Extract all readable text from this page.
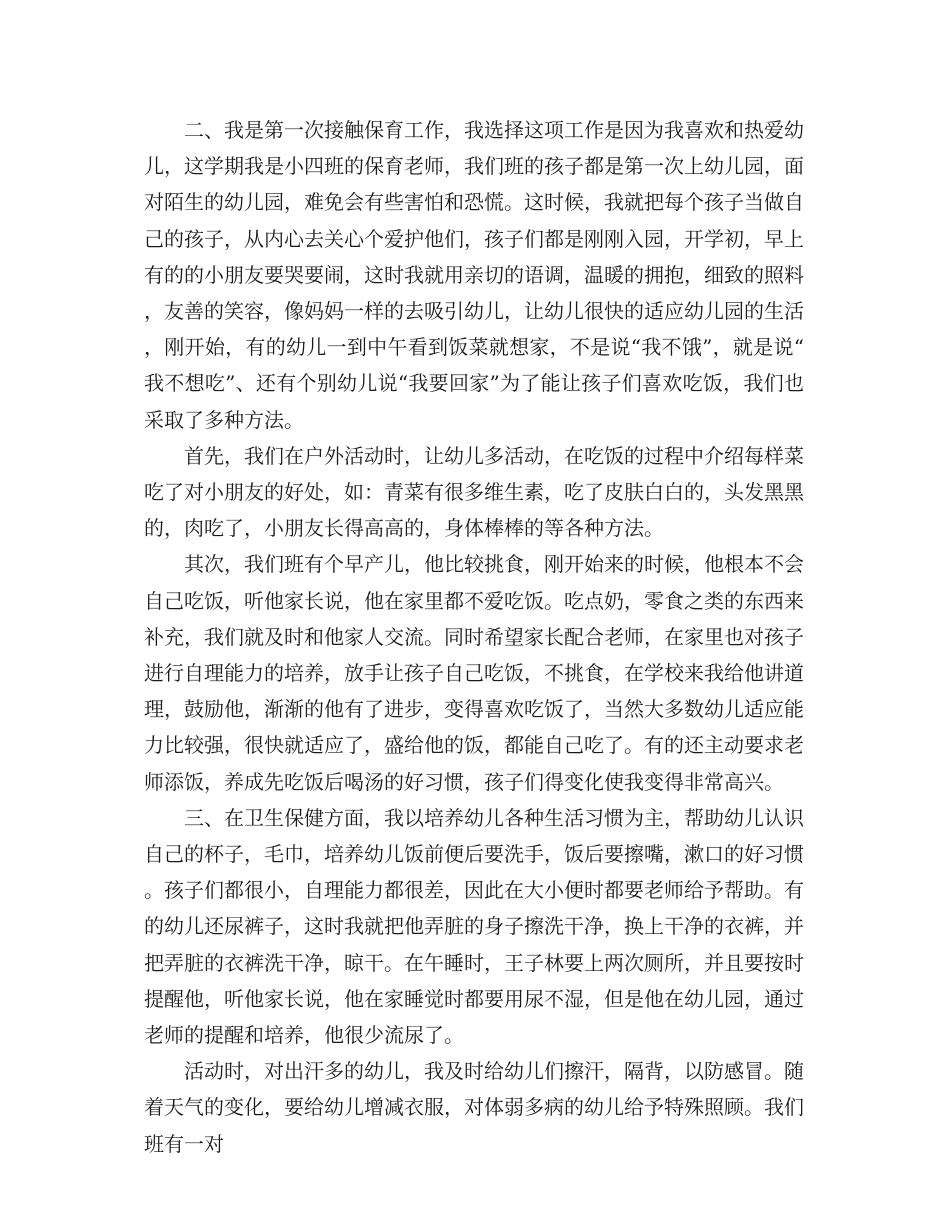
二、我是第一次接触保育工作，我选择这项工作是因为我喜欢和热爱幼儿，这学期我是小四班的保育老师，我们班的孩子都是第一次上幼儿园，面对陌生的幼儿园，难免会有些害怕和恐慌。这时候，我就把每个孩子当做自己的孩子，从内心去关心个爱护他们，孩子们都是刚刚入园，开学初，早上有的的小朋友要哭要闹，这时我就用亲切的语调，温暖的拥抱，细致的照料，友善的笑容，像妈妈一样的去吸引幼儿，让幼儿很快的适应幼儿园的生活，刚开始，有的幼儿一到中午看到饭菜就想家，不是说“我不饿”，就是说“我不想吃”、还有个别幼儿说“我要回家”为了能让孩子们喜欢吃饭，我们也采取了多种方法。

首先，我们在户外活动时，让幼儿多活动，在吃饭的过程中介绍每样菜吃了对小朋友的好处，如：青菜有很多维生素，吃了皮肤白白的，头发黑黑的，肉吃了，小朋友长得高高的，身体棒棒的等各种方法。

其次，我们班有个早产儿，他比较挑食，刚开始来的时候，他根本不会自己吃饭，听他家长说，他在家里都不爱吃饭。吃点奶，零食之类的东西来补充，我们就及时和他家人交流。同时希望家长配合老师，在家里也对孩子进行自理能力的培养，放手让孩子自己吃饭，不挑食，在学校来我给他讲道理，鼓励他，渐渐的他有了进步，变得喜欢吃饭了，当然大多数幼儿适应能力比较强，很快就适应了，盛给他的饭，都能自己吃了。有的还主动要求老师添饭，养成先吃饭后喝汤的好习惯，孩子们得变化使我变得非常高兴。

三、在卫生保健方面，我以培养幼儿各种生活习惯为主，帮助幼儿认识自己的杯子，毛巾，培养幼儿饭前便后要洗手，饭后要擦嘴，漱口的好习惯。孩子们都很小，自理能力都很差，因此在大小便时都要老师给予帮助。有的幼儿还尿裤子，这时我就把他弄脏的身子擦洗干净，换上干净的衣裤，并把弄脏的衣裤洗干净，晾干。在午睡时，王子林要上两次厕所，并且要按时提醒他，听他家长说，他在家睡觉时都要用尿不湿，但是他在幼儿园，通过老师的提醒和培养，他很少流尿了。

活动时，对出汗多的幼儿，我及时给幼儿们擦汗，隔背，以防感冒。随着天气的变化，要给幼儿增减衣服，对体弱多病的幼儿给予特殊照顾。我们班有一对
